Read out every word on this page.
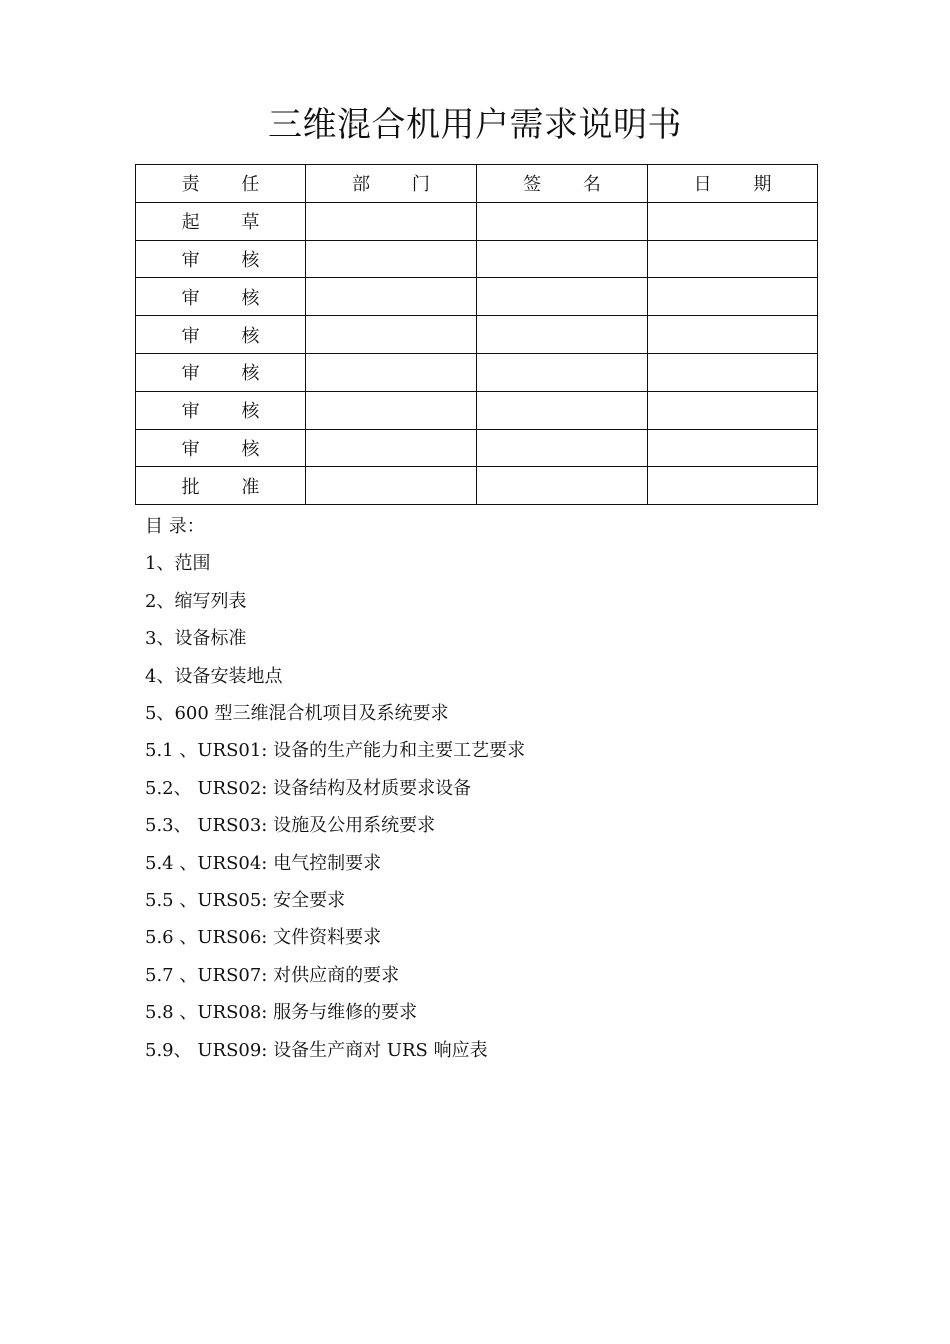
三维混合机用户需求说明书
责 任	部 门	签 名	日 期
起 草			
审 核			
审 核			
审 核			
审 核			
审 核			
审 核			
批 准			
目 录：
1、范围
2、缩写列表
3、设备标准
4、设备安装地点
5、600 型三维混合机项目及系统要求
5.1 、URS01: 设备的生产能力和主要工艺要求
5.2、 URS02: 设备结构及材质要求设备
5.3、 URS03: 设施及公用系统要求
5.4 、URS04: 电气控制要求
5.5 、URS05: 安全要求
5.6 、URS06: 文件资料要求
5.7 、URS07: 对供应商的要求
5.8 、URS08: 服务与维修的要求
5.9、 URS09: 设备生产商对 URS 响应表
